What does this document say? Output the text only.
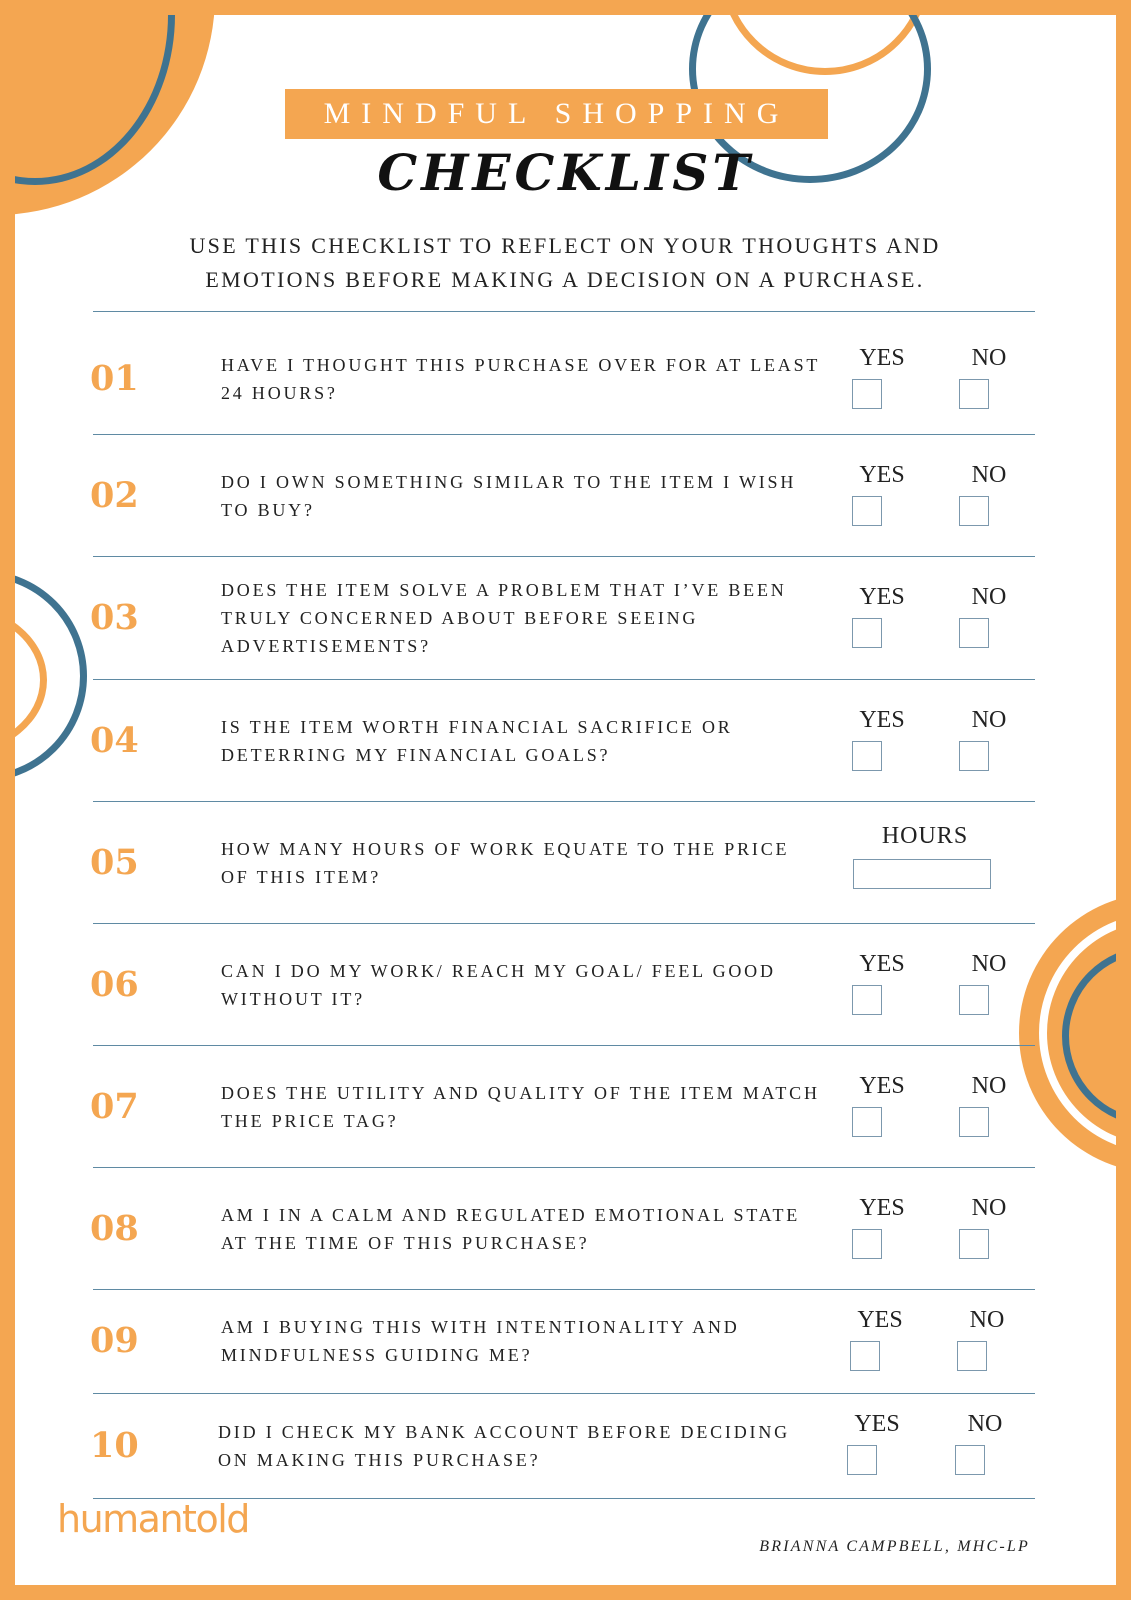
MINDFUL SHOPPING
CHECKLIST
USE THIS CHECKLIST TO REFLECT ON YOUR THOUGHTS AND
EMOTIONS BEFORE MAKING A DECISION ON A PURCHASE.
01	HAVE I THOUGHT THIS PURCHASE OVER FOR AT LEAST 24 HOURS?
YES	NO
02	DO I OWN SOMETHING SIMILAR TO THE ITEM I WISH TO BUY?
YES	NO
03
DOES THE ITEM SOLVE A PROBLEM THAT I’VE BEEN TRULY CONCERNED ABOUT BEFORE SEEING ADVERTISEMENTS?
YES	NO
04	IS THE ITEM WORTH FINANCIAL SACRIFICE OR DETERRING MY FINANCIAL GOALS?
YES	NO
05	HOW MANY HOURS OF WORK EQUATE TO THE PRICE OF THIS ITEM?
HOURS
06	CAN I DO MY WORK/ REACH MY GOAL/ FEEL GOOD WITHOUT IT?
YES	NO
07	DOES THE UTILITY AND QUALITY OF THE ITEM MATCH THE PRICE TAG?
YES	NO
08	AM I IN A CALM AND REGULATED EMOTIONAL STATE AT THE TIME OF THIS PURCHASE?
YES	NO
09	AM I BUYING THIS WITH INTENTIONALITY AND MINDFULNESS GUIDING ME?
YES	NO
10	DID I CHECK MY BANK ACCOUNT BEFORE DECIDING ON MAKING THIS PURCHASE?
YES	NO
humantold
BRIANNA CAMPBELL, MHC-LP
